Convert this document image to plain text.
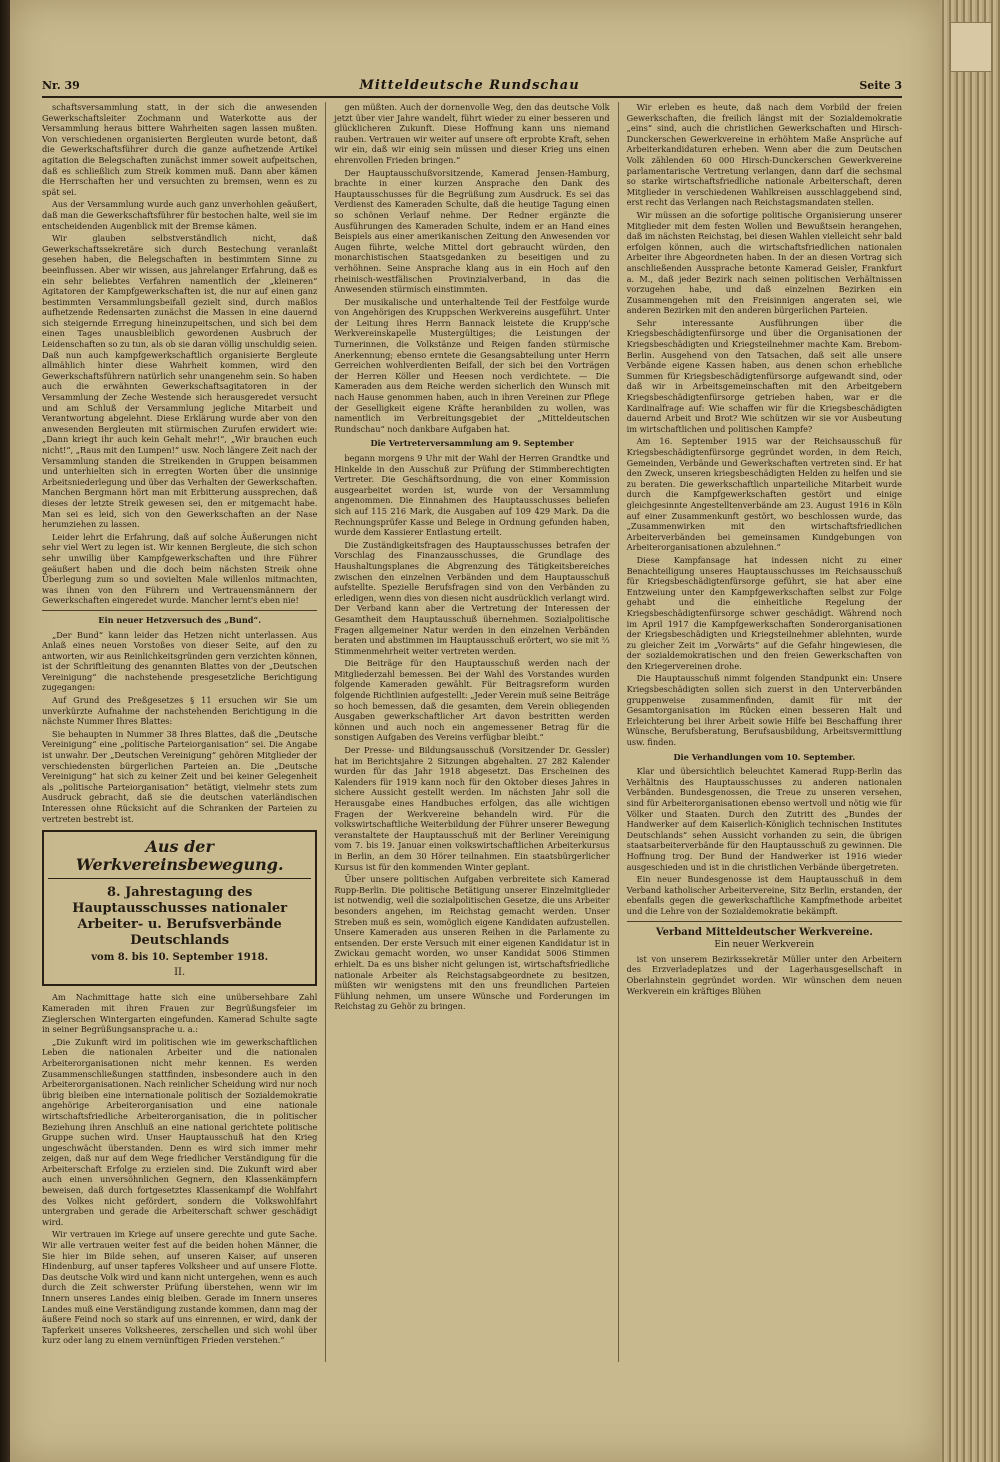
Nr. 39	Mitteldeutsche Rundschau	Seite 3

schaftsversammlung statt, in der sich die anwesenden Gewerkschaftsleiter Zochmann und Waterkotte aus der Versammlung heraus bittere Wahrheiten sagen lassen mußten. Von verschiedenen organisierten Bergleuten wurde betont, daß die Gewerkschaftsführer durch die ganze aufhetzende Artikel agitation die Belegschaften zunächst immer soweit aufpeitschen, daß es schließlich zum Streik kommen muß. Dann aber kämen die Herrschaften her und versuchten zu bremsen, wenn es zu spät sei.

Aus der Versammlung wurde auch ganz unverhohlen geäußert, daß man die Gewerkschaftsführer für bestochen halte, weil sie im entscheidenden Augenblick mit der Bremse kämen.

Wir glauben selbstverständlich nicht, daß Gewerkschaftssekretäre sich durch Bestechung veranlaßt gesehen haben, die Belegschaften in bestimmtem Sinne zu beeinflussen. Aber wir wissen, aus jahrelanger Erfahrung, daß es ein sehr beliebtes Verfahren namentlich der „kleineren“ Agitatoren der Kampfgewerkschaften ist, die nur auf einen ganz bestimmten Versammlungsbeifall gezielt sind, durch maßlos aufhetzende Redensarten zunächst die Massen in eine dauernd sich steigernde Erregung hineinzupeitschen, und sich bei dem einen Tages unausbleiblich gewordenen Ausbruch der Leidenschaften so zu tun, als ob sie daran völlig unschuldig seien. Daß nun auch kampfgewerkschaftlich organisierte Bergleute allmählich hinter diese Wahrheit kommen, wird den Gewerkschaftsführern natürlich sehr unangenehm sein. So haben auch die erwähnten Gewerkschaftsagitatoren in der Versammlung der Zeche Westende sich herausgeredet versucht und am Schluß der Versammlung jegliche Mitarbeit und Verantwortung abgelehnt. Diese Erklärung wurde aber von den anwesenden Bergleuten mit stürmischen Zurufen erwidert wie: „Dann kriegt ihr auch kein Gehalt mehr!“, „Wir brauchen euch nicht!“, „Raus mit den Lumpen!“ usw. Noch längere Zeit nach der Versammlung standen die Streikenden in Gruppen beisammen und unterhielten sich in erregten Worten über die unsinnige Arbeitsniederlegung und über das Verhalten der Gewerkschaften. Manchen Bergmann hört man mit Erbitterung aussprechen, daß dieses der letzte Streik gewesen sei, den er mitgemacht habe. Man sei es leid, sich von den Gewerkschaften an der Nase herumziehen zu lassen.

Leider lehrt die Erfahrung, daß auf solche Äußerungen nicht sehr viel Wert zu legen ist. Wir kennen Bergleute, die sich schon sehr unwillig über Kampfgewerkschaften und ihre Führer geäußert haben und die doch beim nächsten Streik ohne Überlegung zum so und sovielten Male willenlos mitmachten, was ihnen von den Führern und Vertrauensmännern der Gewerkschaften eingeredet wurde. Mancher lernt's eben nie!

Ein neuer Hetzversuch des „Bund“.

„Der Bund“ kann leider das Hetzen nicht unterlassen. Aus Anlaß eines neuen Vorstoßes von dieser Seite, auf den zu antworten, wir aus Reinlichkeitsgründen gern verzichten können, ist der Schriftleitung des genannten Blattes von der „Deutschen Vereinigung“ die nachstehende presgesetzliche Berichtigung zugegangen:

Auf Grund des Preßgesetzes § 11 ersuchen wir Sie um unverkürzte Aufnahme der nachstehenden Berichtigung in die nächste Nummer Ihres Blattes:

Sie behaupten in Nummer 38 Ihres Blattes, daß die „Deutsche Vereinigung“ eine „politische Parteiorganisation“ sei. Die Angabe ist unwahr. Der „Deutschen Vereinigung“ gehören Mitglieder der verschiedensten bürgerlichen Parteien an. Die „Deutsche Vereinigung“ hat sich zu keiner Zeit und bei keiner Gelegenheit als „politische Parteiorganisation“ betätigt, vielmehr stets zum Ausdruck gebracht, daß sie die deutschen vaterländischen Interessen ohne Rücksicht auf die Schranken der Parteien zu vertreten bestrebt ist.

Aus der Werkvereinsbewegung.
8. Jahrestagung des Hauptausschusses nationaler Arbeiter- u. Berufsverbände Deutschlands
vom 8. bis 10. September 1918.
II.

Am Nachmittage hatte sich eine unübersehbare Zahl Kameraden mit ihren Frauen zur Begrüßungsfeier im Zieglerschen Wintergarten eingefunden. Kamerad Schulte sagte in seiner Begrüßungsansprache u. a.:

„Die Zukunft wird im politischen wie im gewerkschaftlichen Leben die nationalen Arbeiter und die nationalen Arbeiterorganisationen nicht mehr kennen. Es werden Zusammenschließungen stattfinden, insbesondere auch in den Arbeiterorganisationen. Nach reinlicher Scheidung wird nur noch übrig bleiben eine internationale politisch der Sozialdemokratie angehörige Arbeiterorganisation und eine nationale wirtschaftsfriedliche Arbeiterorganisation, die in politischer Beziehung ihren Anschluß an eine national gerichtete politische Gruppe suchen wird. Unser Hauptausschuß hat den Krieg ungeschwächt überstanden. Denn es wird sich immer mehr zeigen, daß nur auf dem Wege friedlicher Verständigung für die Arbeiterschaft Erfolge zu erzielen sind. Die Zukunft wird aber auch einen unversöhnlichen Gegnern, den Klassenkämpfern beweisen, daß durch fortgesetztes Klassenkampf die Wohlfahrt des Volkes nicht gefördert, sondern die Volkswohlfahrt untergraben und gerade die Arbeiterschaft schwer geschädigt wird.

Wir vertrauen im Kriege auf unsere gerechte und gute Sache. Wir alle vertrauen weiter fest auf die beiden hohen Männer, die Sie hier im Bilde sehen, auf unseren Kaiser, auf unseren Hindenburg, auf unser tapferes Volksheer und auf unsere Flotte. Das deutsche Volk wird und kann nicht untergehen, wenn es auch durch die Zeit schwerster Prüfung überstehen, wenn wir im Innern unseres Landes einig bleiben. Gerade im Innern unseres Landes muß eine Verständigung zustande kommen, dann mag der äußere Feind noch so stark auf uns einrennen, er wird, dank der Tapferkeit unseres Volksheeres, zerschellen und sich wohl über kurz oder lang zu einem vernünftigen Frieden verstehen.“

gen müßten. Auch der dornenvolle Weg, den das deutsche Volk jetzt über vier Jahre wandelt, führt wieder zu einer besseren und glücklicheren Zukunft. Diese Hoffnung kann uns niemand rauben. Vertrauen wir weiter auf unsere oft erprobte Kraft, sehen wir ein, daß wir einig sein müssen und dieser Krieg uns einen ehrenvollen Frieden bringen.“

Der Hauptausschußvorsitzende, Kamerad Jensen-Hamburg, brachte in einer kurzen Ansprache den Dank des Hauptausschusses für die Begrüßung zum Ausdruck. Es sei das Verdienst des Kameraden Schulte, daß die heutige Tagung einen so schönen Verlauf nehme. Der Redner ergänzte die Ausführungen des Kameraden Schulte, indem er an Hand eines Beispiels aus einer amerikanischen Zeitung den Anwesenden vor Augen führte, welche Mittel dort gebraucht würden, den monarchistischen Staatsgedanken zu beseitigen und zu verhöhnen. Seine Ansprache klang aus in ein Hoch auf den rheinisch-westfälischen Provinzialverband, in das die Anwesenden stürmisch einstimmten.

Der musikalische und unterhaltende Teil der Festfolge wurde von Angehörigen des Kruppschen Werkvereins ausgeführt. Unter der Leitung ihres Herrn Bannack leistete die Krupp'sche Werkvereinskapelle Mustergültiges; die Leistungen der Turnerinnen, die Volkstänze und Reigen fanden stürmische Anerkennung; ebenso erntete die Gesangsabteilung unter Herrn Gerreichen wohlverdienten Beifall, der sich bei den Vorträgen der Herren Köller und Heesen noch verdichtete. — Die Kameraden aus dem Reiche werden sicherlich den Wunsch mit nach Hause genommen haben, auch in ihren Vereinen zur Pflege der Geselligkeit eigene Kräfte heranbilden zu wollen, was namentlich im Verbreitungsgebiet der „Mitteldeutschen Rundschau“ noch dankbare Aufgaben hat.

Die Vertreterversammlung am 9. September

begann morgens 9 Uhr mit der Wahl der Herren Grandtke und Hinkelde in den Ausschuß zur Prüfung der Stimmberechtigten Vertreter. Die Geschäftsordnung, die von einer Kommission ausgearbeitet worden ist, wurde von der Versammlung angenommen. Die Einnahmen des Hauptausschusses beliefen sich auf 115 216 Mark, die Ausgaben auf 109 429 Mark. Da die Rechnungsprüfer Kasse und Belege in Ordnung gefunden haben, wurde dem Kassierer Entlastung erteilt.

Die Zuständigkeitsfragen des Hauptausschusses betrafen der Vorschlag des Finanzausschusses, die Grundlage des Haushaltungsplanes die Abgrenzung des Tätigkeitsbereiches zwischen den einzelnen Verbänden und dem Hauptausschuß aufstellte. Spezielle Berufsfragen sind von den Verbänden zu erledigen, wenn dies von diesen nicht ausdrücklich verlangt wird. Der Verband kann aber die Vertretung der Interessen der Gesamtheit dem Hauptausschuß übernehmen. Sozialpolitische Fragen allgemeiner Natur werden in den einzelnen Verbänden beraten und abstimmen im Hauptausschuß erörtert, wo sie mit ⅔ Stimmenmehrheit weiter vertreten werden.

Die Beiträge für den Hauptausschuß werden nach der Mitgliederzahl bemessen. Bei der Wahl des Vorstandes wurden folgende Kameraden gewählt. Für Beitragsreform wurden folgende Richtlinien aufgestellt: „Jeder Verein muß seine Beiträge so hoch bemessen, daß die gesamten, dem Verein obliegenden Ausgaben gewerkschaftlicher Art davon bestritten werden können und auch noch ein angemessener Betrag für die sonstigen Aufgaben des Vereins verfügbar bleibt.“

Der Presse- und Bildungsausschuß (Vorsitzender Dr. Gessler) hat im Berichtsjahre 2 Sitzungen abgehalten. 27 282 Kalender wurden für das Jahr 1918 abgesetzt. Das Erscheinen des Kalenders für 1919 kann noch für den Oktober dieses Jahres in sichere Aussicht gestellt werden. Im nächsten Jahr soll die Herausgabe eines Handbuches erfolgen, das alle wichtigen Fragen der Werkvereine behandeln wird. Für die volkswirtschaftliche Weiterbildung der Führer unserer Bewegung veranstaltete der Hauptausschuß mit der Berliner Vereinigung vom 7. bis 19. Januar einen volkswirtschaftlichen Arbeiterkursus in Berlin, an dem 30 Hörer teilnahmen. Ein staatsbürgerlicher Kursus ist für den kommenden Winter geplant.

Über unsere politischen Aufgaben verbreitete sich Kamerad Rupp-Berlin. Die politische Betätigung unserer Einzelmitglieder ist notwendig, weil die sozialpolitischen Gesetze, die uns Arbeiter besonders angehen, im Reichstag gemacht werden. Unser Streben muß es sein, womöglich eigene Kandidaten aufzustellen. Unsere Kameraden aus unseren Reihen in die Parlamente zu entsenden. Der erste Versuch mit einer eigenen Kandidatur ist in Zwickau gemacht worden, wo unser Kandidat 5006 Stimmen erhielt. Da es uns bisher nicht gelungen ist, wirtschaftsfriedliche nationale Arbeiter als Reichstagsabgeordnete zu besitzen, müßten wir wenigstens mit den uns freundlichen Parteien Fühlung nehmen, um unsere Wünsche und Forderungen im Reichstag zu Gehör zu bringen.

Wir erleben es heute, daß nach dem Vorbild der freien Gewerkschaften, die freilich längst mit der Sozialdemokratie „eins“ sind, auch die christlichen Gewerkschaften und Hirsch-Dunckerschen Gewerkvereine in erhöhtem Maße Ansprüche auf Arbeiterkandidaturen erheben. Wenn aber die zum Deutschen Volk zählenden 60 000 Hirsch-Dunckerschen Gewerkvereine parlamentarische Vertretung verlangen, dann darf die sechsmal so starke wirtschaftsfriedliche nationale Arbeiterschaft, deren Mitglieder in verschiedenen Wahlkreisen ausschlaggebend sind, erst recht das Verlangen nach Reichstagsmandaten stellen.

Wir müssen an die sofortige politische Organisierung unserer Mitglieder mit dem festen Wollen und Bewußtsein herangehen, daß im nächsten Reichstag, bei diesen Wahlen vielleicht sehr bald erfolgen können, auch die wirtschaftsfriedlichen nationalen Arbeiter ihre Abgeordneten haben. In der an diesen Vortrag sich anschließenden Aussprache betonte Kamerad Geisler, Frankfurt a. M., daß jeder Bezirk nach seinen politischen Verhältnissen vorzugehen habe, und daß einzelnen Bezirken ein Zusammengehen mit den Freisinnigen angeraten sei, wie anderen Bezirken mit den anderen bürgerlichen Parteien.

Sehr interessante Ausführungen über die Kriegsbeschädigtenfürsorge und über die Organisationen der Kriegsbeschädigten und Kriegsteilnehmer machte Kam. Brebom-Berlin. Ausgehend von den Tatsachen, daß seit alle unsere Verbände eigene Kassen haben, aus denen schon erhebliche Summen für Kriegsbeschädigtenfürsorge aufgewandt sind, oder daß wir in Arbeitsgemeinschaften mit den Arbeitgebern Kriegsbeschädigtenfürsorge getrieben haben, war er die Kardinalfrage auf: Wie schaffen wir für die Kriegsbeschädigten dauernd Arbeit und Brot? Wie schützen wir sie vor Ausbeutung im wirtschaftlichen und politischen Kampfe?

Am 16. September 1915 war der Reichsausschuß für Kriegsbeschädigtenfürsorge gegründet worden, in dem Reich, Gemeinden, Verbände und Gewerkschaften vertreten sind. Er hat den Zweck, unseren kriegsbeschädigten Helden zu helfen und sie zu beraten. Die gewerkschaftlich unparteiliche Mitarbeit wurde durch die Kampfgewerkschaften gestört und einige gleichgesinnte Angestelltenverbände am 23. August 1916 in Köln auf einer Zusammenkunft gestört, wo beschlossen wurde, das „Zusammenwirken mit den wirtschaftsfriedlichen Arbeiterverbänden bei gemeinsamen Kundgebungen von Arbeiterorganisationen abzulehnen.“

Diese Kampfansage hat indessen nicht zu einer Benachteiligung unseres Hauptausschusses im Reichsausschuß für Kriegsbeschädigtenfürsorge geführt, sie hat aber eine Entzweiung unter den Kampfgewerkschaften selbst zur Folge gehabt und die einheitliche Regelung der Kriegsbeschädigtenfürsorge schwer geschädigt. Während noch im April 1917 die Kampfgewerkschaften Sonderorganisationen der Kriegsbeschädigten und Kriegsteilnehmer ablehnten, wurde zu gleicher Zeit im „Vorwärts“ auf die Gefahr hingewiesen, die der sozialdemokratischen und den freien Gewerkschaften von den Kriegervereinen drohe.

Die Hauptausschuß nimmt folgenden Standpunkt ein: Unsere Kriegsbeschädigten sollen sich zuerst in den Unterverbänden gruppenweise zusammenfinden, damit für mit der Gesamtorganisation im Rücken einen besseren Halt und Erleichterung bei ihrer Arbeit sowie Hilfe bei Beschaffung ihrer Wünsche, Berufsberatung, Berufsausbildung, Arbeitsvermittlung usw. finden.

Die Verhandlungen vom 10. September.

Klar und übersichtlich beleuchtet Kamerad Rupp-Berlin das Verhältnis des Hauptausschusses zu anderen nationalen Verbänden. Bundesgenossen, die Treue zu unseren versehen, sind für Arbeiterorganisationen ebenso wertvoll und nötig wie für Völker und Staaten. Durch den Zutritt des „Bundes der Handwerker auf dem Kaiserlich-Königlich technischen Institutes Deutschlands“ sehen Aussicht vorhanden zu sein, die übrigen staatsarbeiterverbände für den Hauptausschuß zu gewinnen. Die Hoffnung trog. Der Bund der Handwerker ist 1916 wieder ausgeschieden und ist in die christlichen Verbände übergetreten.

Ein neuer Bundesgenosse ist dem Hauptausschuß in dem Verband katholischer Arbeitervereine, Sitz Berlin, erstanden, der ebenfalls gegen die gewerkschaftliche Kampfmethode arbeitet und die Lehre von der Sozialdemokratie bekämpft.

Verband Mitteldeutscher Werkvereine.
Ein neuer Werkverein

ist von unserem Bezirkssekretär Müller unter den Arbeitern des Erzverladeplatzes und der Lagerhausgesellschaft in Oberlahnstein gegründet worden. Wir wünschen dem neuen Werkverein ein kräftiges Blühen
